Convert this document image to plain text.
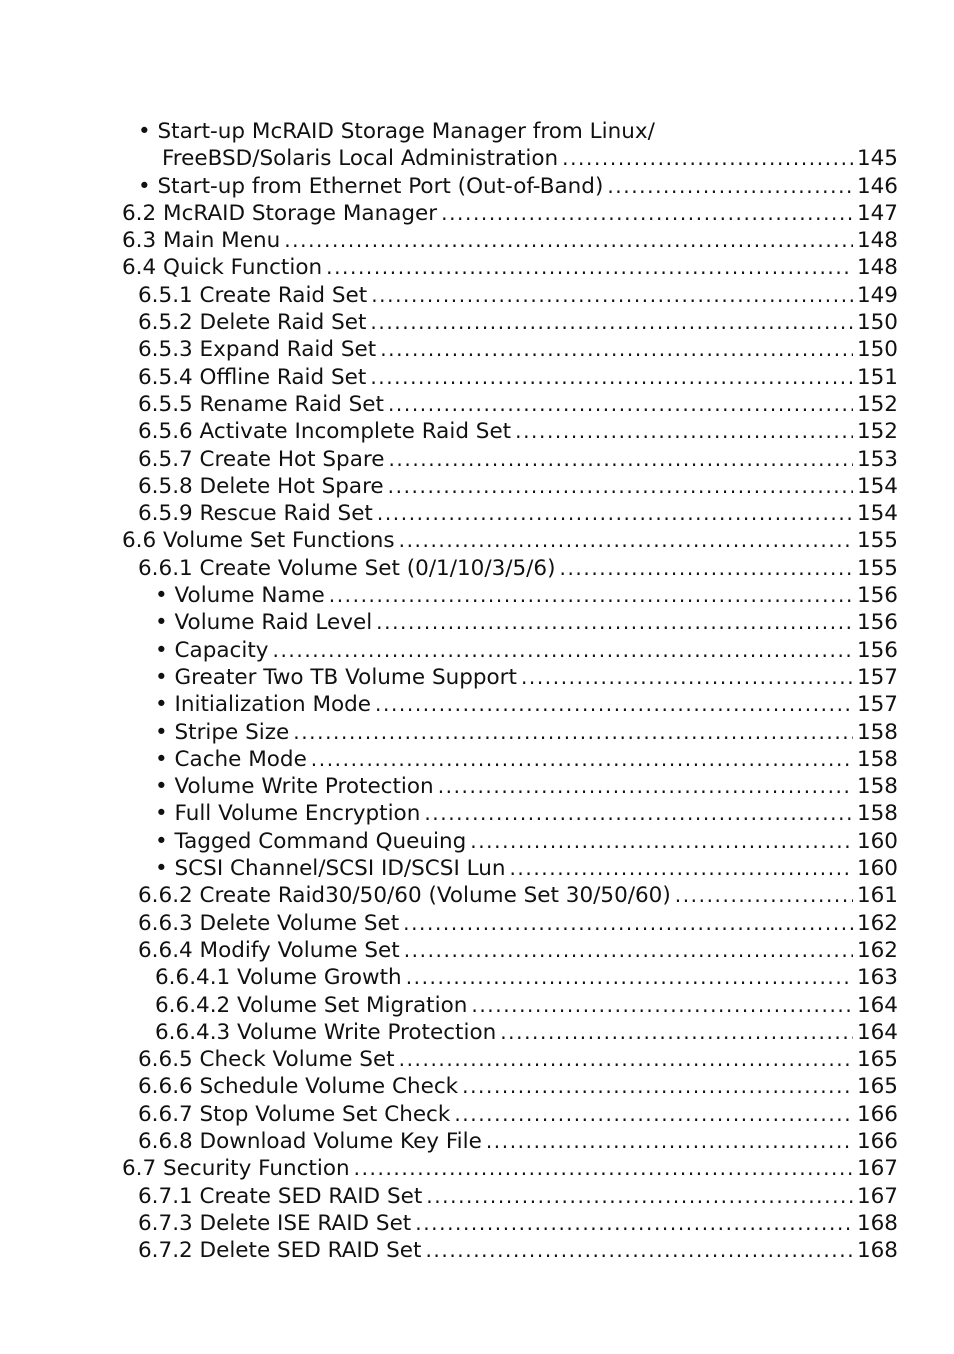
• Start-up McRAID Storage Manager from Linux/
FreeBSD/Solaris Local Administration .....	145
• Start-up from Ethernet Port (Out-of-Band) .....	146
6.2 McRAID Storage Manager .....	147
6.3 Main Menu .....	148
6.4 Quick Function .....	148
6.5.1 Create Raid Set .....	149
6.5.2 Delete Raid Set .....	150
6.5.3 Expand Raid Set .....	150
6.5.4 Offline Raid Set .....	151
6.5.5 Rename Raid Set .....	152
6.5.6 Activate Incomplete Raid Set .....	152
6.5.7 Create Hot Spare .....	153
6.5.8 Delete Hot Spare .....	154
6.5.9 Rescue Raid Set .....	154
6.6 Volume Set Functions .....	155
6.6.1 Create Volume Set (0/1/10/3/5/6) .....	155
• Volume Name .....	156
• Volume Raid Level .....	156
• Capacity .....	156
• Greater Two TB Volume Support .....	157
• Initialization Mode .....	157
• Stripe Size .....	158
• Cache Mode .....	158
• Volume Write Protection .....	158
• Full Volume Encryption .....	158
• Tagged Command Queuing .....	160
• SCSI Channel/SCSI ID/SCSI Lun .....	160
6.6.2 Create Raid30/50/60 (Volume Set 30/50/60) .....	161
6.6.3 Delete Volume Set .....	162
6.6.4 Modify Volume Set .....	162
6.6.4.1 Volume Growth .....	163
6.6.4.2 Volume Set Migration .....	164
6.6.4.3 Volume Write Protection .....	164
6.6.5 Check Volume Set .....	165
6.6.6 Schedule Volume Check .....	165
6.6.7 Stop Volume Set Check .....	166
6.6.8 Download Volume Key File .....	166
6.7 Security Function .....	167
6.7.1 Create SED RAID Set .....	167
6.7.3 Delete ISE RAID Set .....	168
6.7.2 Delete SED RAID Set .....	168
